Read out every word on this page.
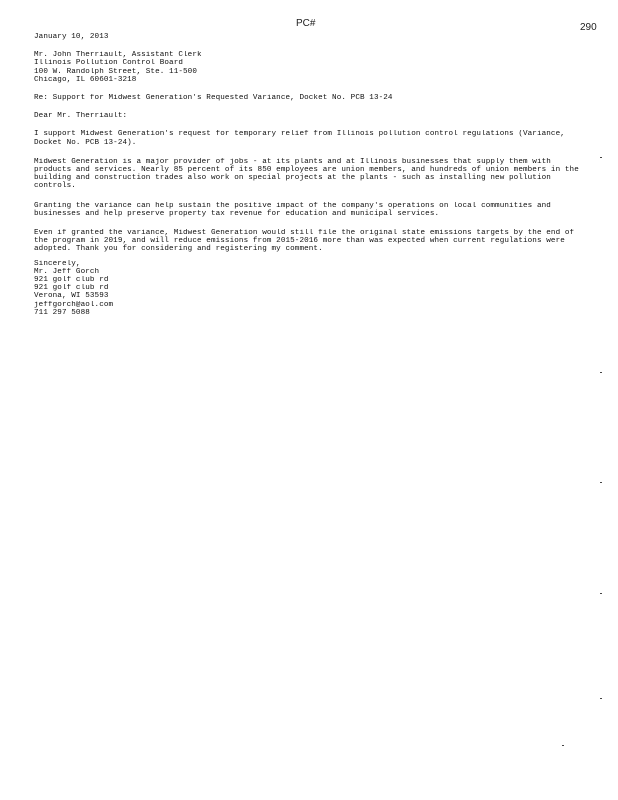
PC#	290
January 10, 2013
Mr. John Therriault, Assistant Clerk
Illinois Pollution Control Board
100 W. Randolph Street, Ste. 11-500
Chicago, IL 60601-3218
Re: Support for Midwest Generation's Requested Variance, Docket No. PCB 13-24
Dear Mr. Therriault:
I support Midwest Generation's request for temporary relief from Illinois pollution control regulations (Variance, Docket No. PCB 13-24).
Midwest Generation is a major provider of jobs - at its plants and at Illinois businesses that supply them with products and services. Nearly 85 percent of its 850 employees are union members, and hundreds of union members in the building and construction trades also work on special projects at the plants - such as installing new pollution controls.
Granting the variance can help sustain the positive impact of the company's operations on local communities and businesses and help preserve property tax revenue for education and municipal services.
Even if granted the variance, Midwest Generation would still file the original state emissions targets by the end of the program in 2019, and will reduce emissions from 2015-2016 more than was expected when current regulations were adopted. Thank you for considering and registering my comment.
Sincerely,
Mr. Jeff Gorch
921 golf club rd
921 golf club rd
Verona, WI 53593
jeffgorch@aol.com
711 297 5088
